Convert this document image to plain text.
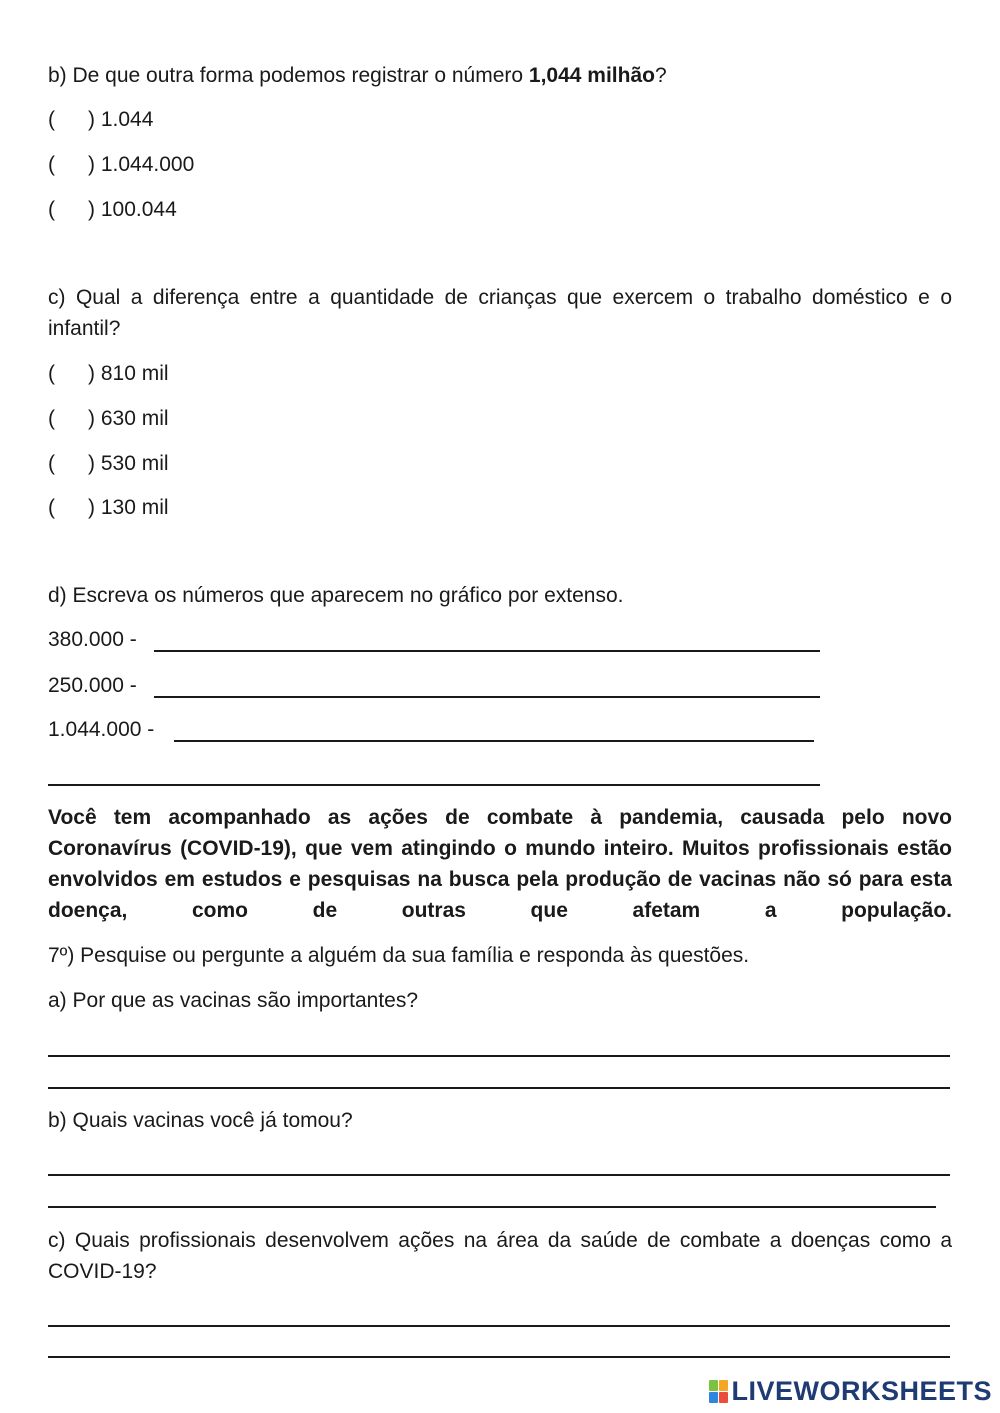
b) De que outra forma podemos registrar o número 1,044 milhão?
( ) 1.044
( ) 1.044.000
( ) 100.044
c) Qual a diferença entre a quantidade de crianças que exercem o trabalho doméstico e o infantil?
( ) 810 mil
( ) 630 mil
( ) 530 mil
( ) 130 mil
d) Escreva os números que aparecem no gráfico por extenso.
380.000 -
250.000 -
1.044.000 -
Você tem acompanhado as ações de combate à pandemia, causada pelo novo Coronavírus (COVID-19), que vem atingindo o mundo inteiro. Muitos profissionais estão envolvidos em estudos e pesquisas na busca pela produção de vacinas não só para esta doença, como de outras que afetam a população.
7º) Pesquise ou pergunte a alguém da sua família e responda às questões.
a) Por que as vacinas são importantes?
b) Quais vacinas você já tomou?
c) Quais profissionais desenvolvem ações na área da saúde de combate a doenças como a COVID-19?
LIVEWORKSHEETS
